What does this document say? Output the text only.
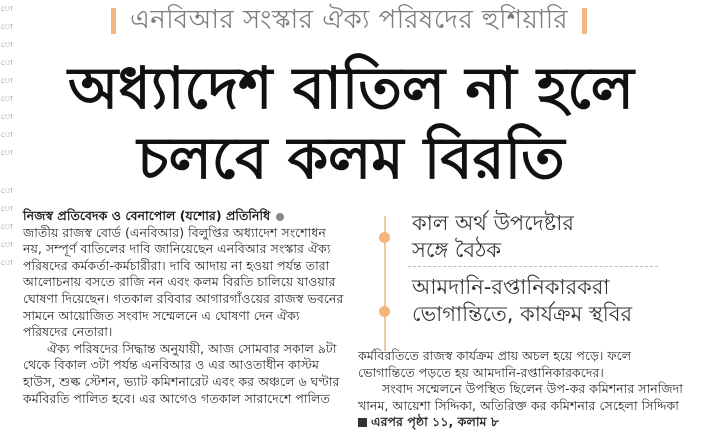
ো
ো
ো
ো
ো
ো
ো
ো
ো
ো
ো
ো
ো
ো
এনবিআর সংস্কার ঐক্য পরিষদের হুশিয়ারি
অধ্যাদেশ বাতিল না হলে
চলবে কলম বিরতি
নিজস্ব প্রতিবেদক ও বেনাপোল (যশোর) প্রতিনিধি
জাতীয় রাজস্ব বোর্ড (এনবিআর) বিলুপ্তির অধ্যাদেশ সংশোধন নয়, সম্পূর্ণ বাতিলের দাবি জানিয়েছেন এনবিআর সংস্কার ঐক্য পরিষদের কর্মকর্তা-কর্মচারীরা। দাবি আদায় না হওয়া পর্যন্ত তারা আলোচনায় বসতে রাজি নন এবং কলম বিরতি চালিয়ে যাওয়ার ঘোষণা দিয়েছেন। গতকাল রবিবার আগারগাঁওয়ের রাজস্ব ভবনের সামনে আয়োজিত সংবাদ সম্মেলনে এ ঘোষণা দেন ঐক্য পরিষদের নেতারা।
ঐক্য পরিষদের সিদ্ধান্ত অনুযায়ী, আজ সোমবার সকাল ৯টা থেকে বিকাল ৩টা পর্যন্ত এনবিআর ও এর আওতাধীন কাস্টম হাউস, শুল্ক স্টেশন, ভ্যাট কমিশনারেট এবং কর অঞ্চলে ৬ ঘণ্টার কর্মবিরতি পালিত হবে। এর আগেও গতকাল সারাদেশে পালিত
কাল অর্থ উপদেষ্টার
সঙ্গে বৈঠক
আমদানি-রপ্তানিকারকরা
ভোগান্তিতে, কার্যক্রম স্থবির
কর্মবিরতিতে রাজস্ব কার্যক্রম প্রায় অচল হয়ে পড়ে। ফলে ভোগান্তিতে পড়তে হয় আমদানি-রপ্তানিকারকদের।
সংবাদ সম্মেলনে উপস্থিত ছিলেন উপ-কর কমিশনার সানজিদা খানম, আয়েশা সিদ্দিকা, অতিরিক্ত কর কমিশনার সেহেলা সিদ্দিকা এরপর পৃষ্ঠা ১১, কলাম ৮
